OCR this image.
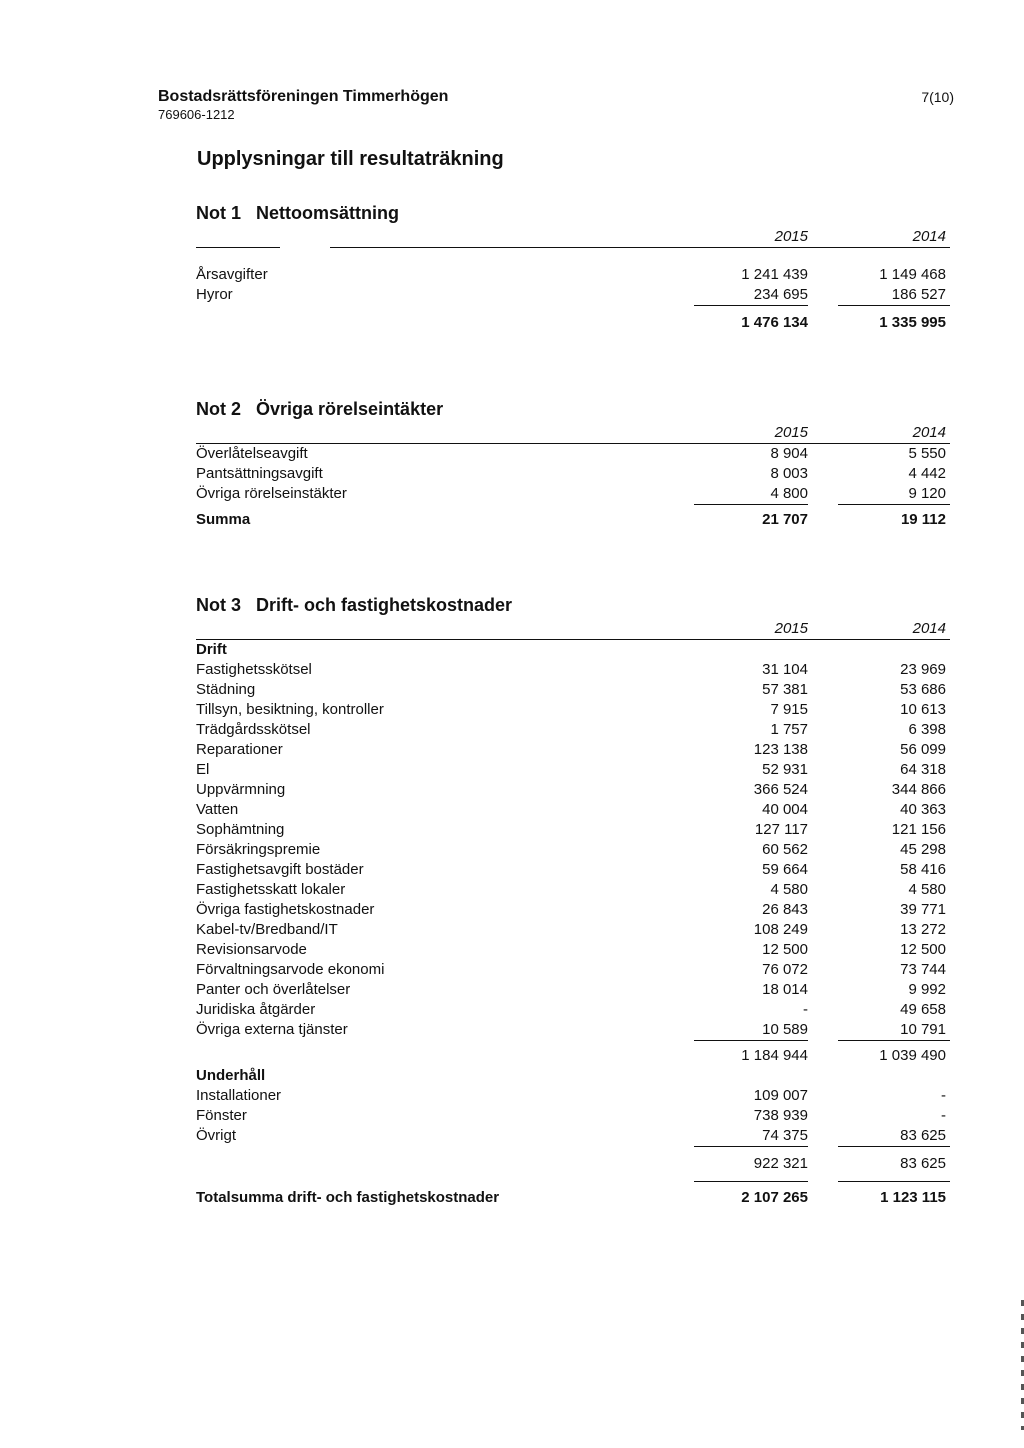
Bostadsrättsföreningen Timmerhögen
769606-1212
7(10)
Upplysningar till resultaträkning
Not 1 Nettoomsättning
2015	2014
Årsavgifter	1 241 439	1 149 468
Hyror	234 695	186 527
1 476 134	1 335 995
Not 2 Övriga rörelseintäkter
2015	2014
Överlåtelseavgift	8 904	5 550
Pantsättningsavgift	8 003	4 442
Övriga rörelseinstäkter	4 800	9 120
Summa	21 707	19 112
Not 3 Drift- och fastighetskostnader
2015	2014
Drift
Fastighetsskötsel	31 104	23 969
Städning	57 381	53 686
Tillsyn, besiktning, kontroller	7 915	10 613
Trädgårdsskötsel	1 757	6 398
Reparationer	123 138	56 099
El	52 931	64 318
Uppvärmning	366 524	344 866
Vatten	40 004	40 363
Sophämtning	127 117	121 156
Försäkringspremie	60 562	45 298
Fastighetsavgift bostäder	59 664	58 416
Fastighetsskatt lokaler	4 580	4 580
Övriga fastighetskostnader	26 843	39 771
Kabel-tv/Bredband/IT	108 249	13 272
Revisionsarvode	12 500	12 500
Förvaltningsarvode ekonomi	76 072	73 744
Panter och överlåtelser	18 014	9 992
Juridiska åtgärder	-	49 658
Övriga externa tjänster	10 589	10 791
1 184 944	1 039 490
Underhåll
Installationer	109 007	-
Fönster	738 939	-
Övrigt	74 375	83 625
922 321	83 625
Totalsumma drift- och fastighetskostnader	2 107 265	1 123 115
